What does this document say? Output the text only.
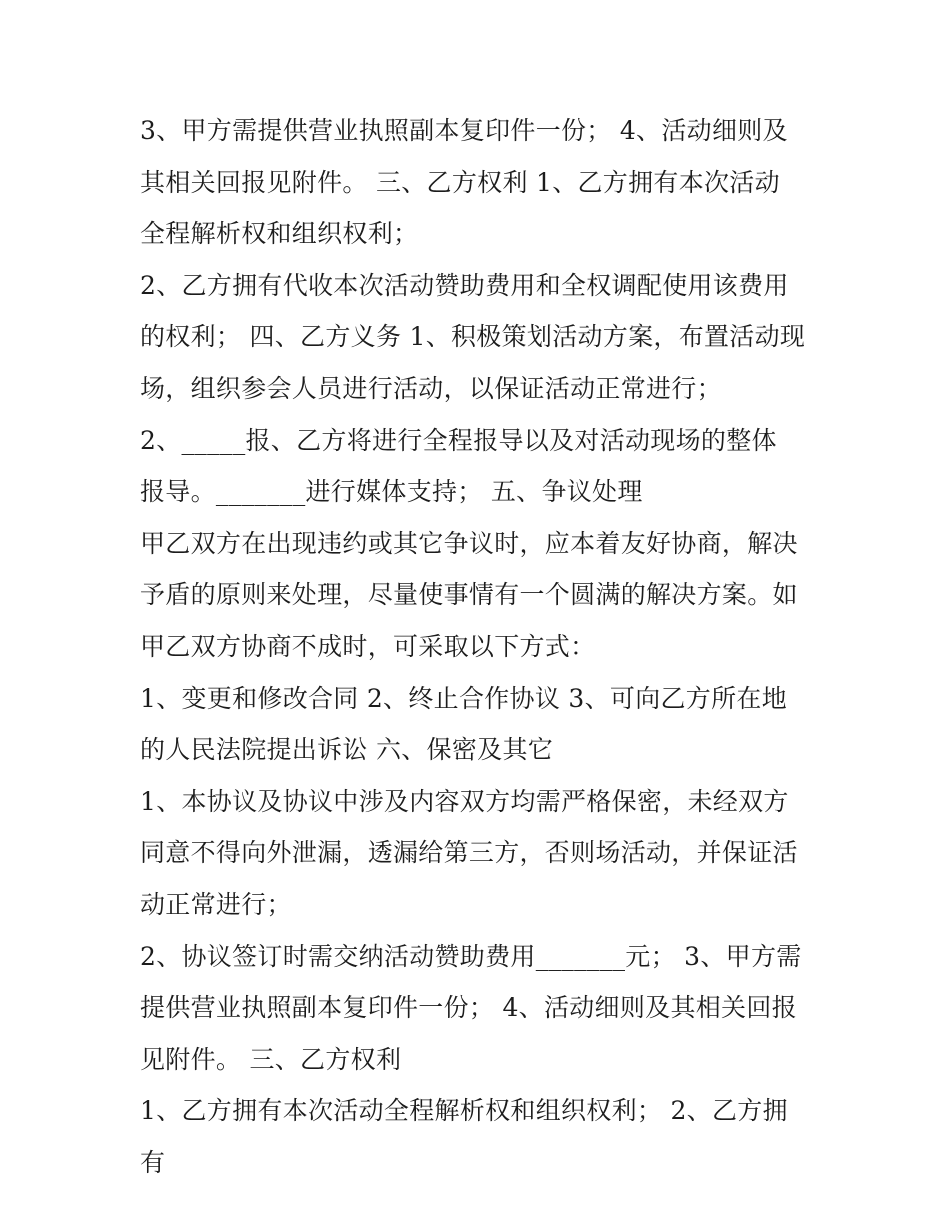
3、甲方需提供营业执照副本复印件一份； 4、活动细则及其相关回报见附件。 三、乙方权利 1、乙方拥有本次活动全程解析权和组织权利；

2、乙方拥有代收本次活动赞助费用和全权调配使用该费用的权利； 四、乙方义务 1、积极策划活动方案，布置活动现场，组织参会人员进行活动，以保证活动正常进行；

2、_____报、乙方将进行全程报导以及对活动现场的整体报导。_______进行媒体支持； 五、争议处理

甲乙双方在出现违约或其它争议时，应本着友好协商，解决予盾的原则来处理，尽量使事情有一个圆满的解决方案。如甲乙双方协商不成时，可采取以下方式：

1、变更和修改合同 2、终止合作协议 3、可向乙方所在地的人民法院提出诉讼 六、保密及其它

1、本协议及协议中涉及内容双方均需严格保密，未经双方同意不得向外泄漏，透漏给第三方，否则场活动，并保证活动正常进行；

2、协议签订时需交纳活动赞助费用_______元； 3、甲方需提供营业执照副本复印件一份； 4、活动细则及其相关回报见附件。 三、乙方权利

1、乙方拥有本次活动全程解析权和组织权利； 2、乙方拥有
